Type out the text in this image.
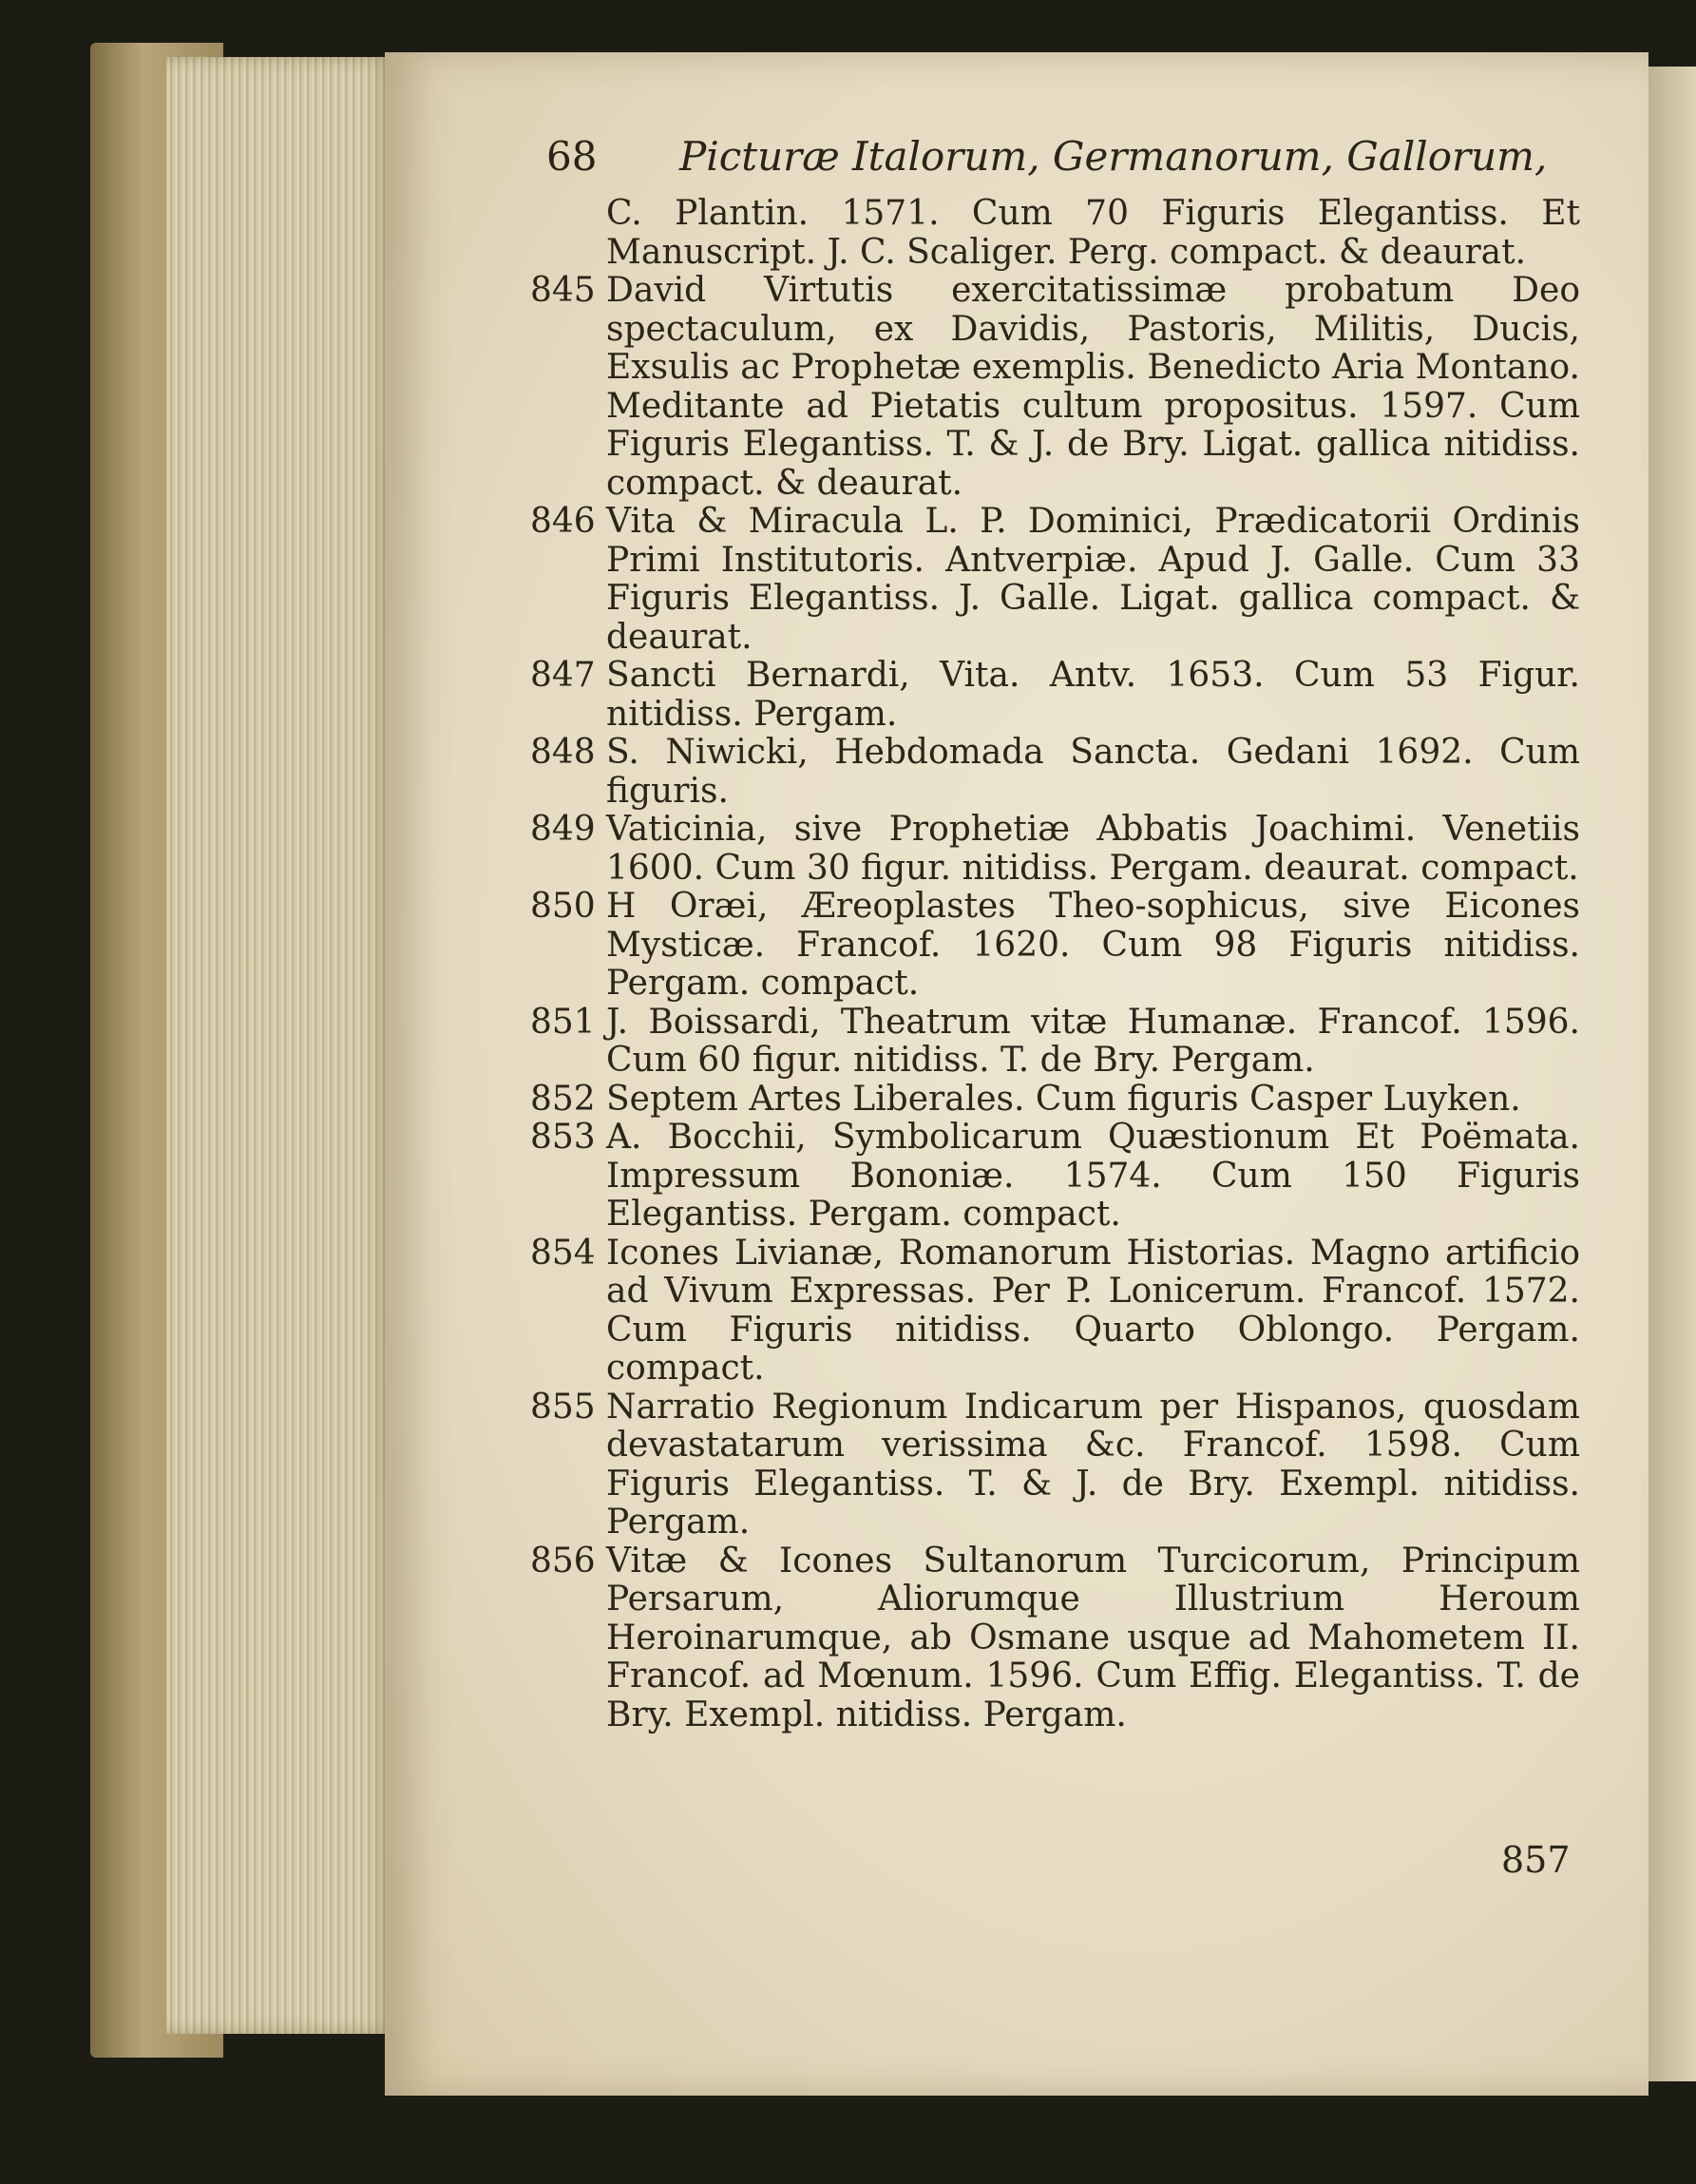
68 Picturæ Italorum, Germanorum, Gallorum,

C. Plantin. 1571. Cum 70 Figuris Elegantiss. Et Manuscript. J. C. Scaliger. Perg. compact. & deaurat.

845 David Virtutis exercitatissimæ probatum Deo spectaculum, ex Davidis, Pastoris, Militis, Ducis, Exsulis ac Prophetæ exemplis. Benedicto Aria Montano. Meditante ad Pietatis cultum propositus. 1597. Cum Figuris Elegantiss. T. & J. de Bry. Ligat. gallica nitidiss. compact. & deaurat.

846 Vita & Miracula L. P. Dominici, Prædicatorii Ordinis Primi Institutoris. Antverpiæ. Apud J. Galle. Cum 33 Figuris Elegantiss. J. Galle. Ligat. gallica compact. & deaurat.

847 Sancti Bernardi, Vita. Antv. 1653. Cum 53 Figur. nitidiss. Pergam.

848 S. Niwicki, Hebdomada Sancta. Gedani 1692. Cum figuris.

849 Vaticinia, sive Prophetiæ Abbatis Joachimi. Venetiis 1600. Cum 30 figur. nitidiss. Pergam. deaurat. compact.

850 H Oræi, Æreoplastes Theo-sophicus, sive Eicones Mysticæ. Francof. 1620. Cum 98 Figuris nitidiss. Pergam. compact.

851 J. Boissardi, Theatrum vitæ Humanæ. Francof. 1596. Cum 60 figur. nitidiss. T. de Bry. Pergam.

852 Septem Artes Liberales. Cum figuris Casper Luyken.

853 A. Bocchii, Symbolicarum Quæstionum Et Poëmata. Impressum Bononiæ. 1574. Cum 150 Figuris Elegantiss. Pergam. compact.

854 Icones Livianæ, Romanorum Historias. Magno artificio ad Vivum Expressas. Per P. Lonicerum. Francof. 1572. Cum Figuris nitidiss. Quarto Oblongo. Pergam. compact.

855 Narratio Regionum Indicarum per Hispanos, quosdam devastatarum verissima &c. Francof. 1598. Cum Figuris Elegantiss. T. & J. de Bry. Exempl. nitidiss. Pergam.

856 Vitæ & Icones Sultanorum Turcicorum, Principum Persarum, Aliorumque Illustrium Heroum Heroinarumque, ab Osmane usque ad Mahometem II. Francof. ad Mœnum. 1596. Cum Effig. Elegantiss. T. de Bry. Exempl. nitidiss. Pergam.

857
